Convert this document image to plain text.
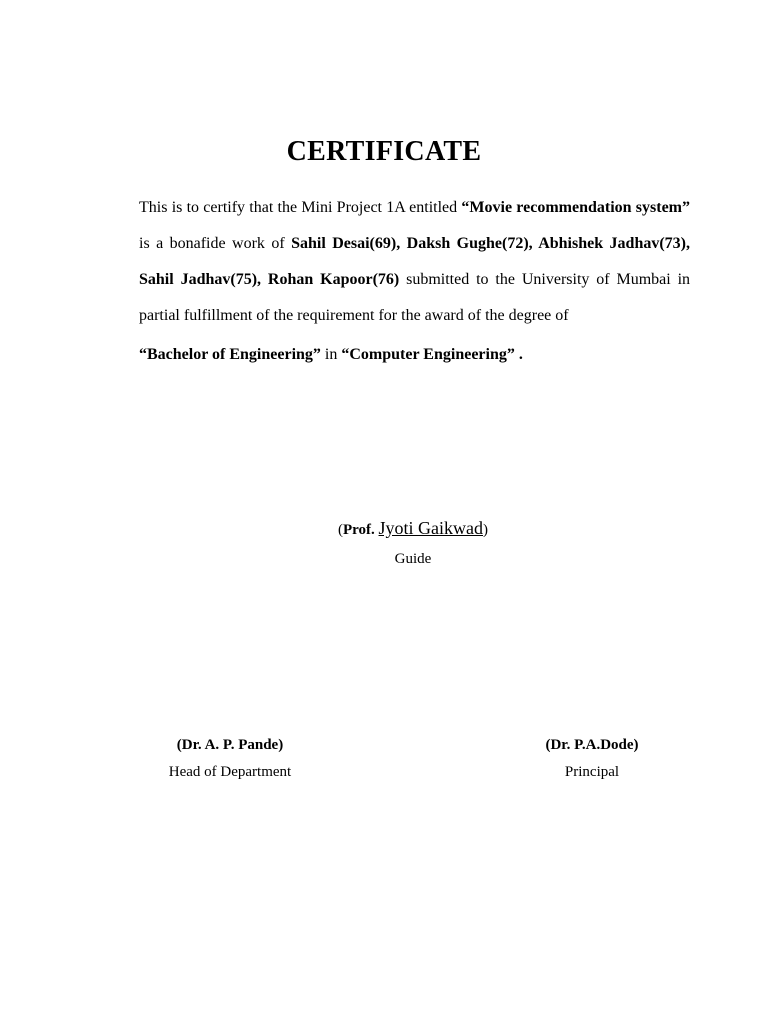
CERTIFICATE
This is to certify that the Mini Project 1A entitled “Movie recommendation system” is a bonafide work of Sahil Desai(69), Daksh Gughe(72), Abhishek Jadhav(73), Sahil Jadhav(75), Rohan Kapoor(76) submitted to the University of Mumbai in partial fulfillment of the requirement for the award of the degree of
“Bachelor of Engineering” in “Computer Engineering” .
(Prof. Jyoti Gaikwad)
Guide
(Dr. A. P. Pande)
Head of Department
(Dr. P.A.Dode)
Principal
